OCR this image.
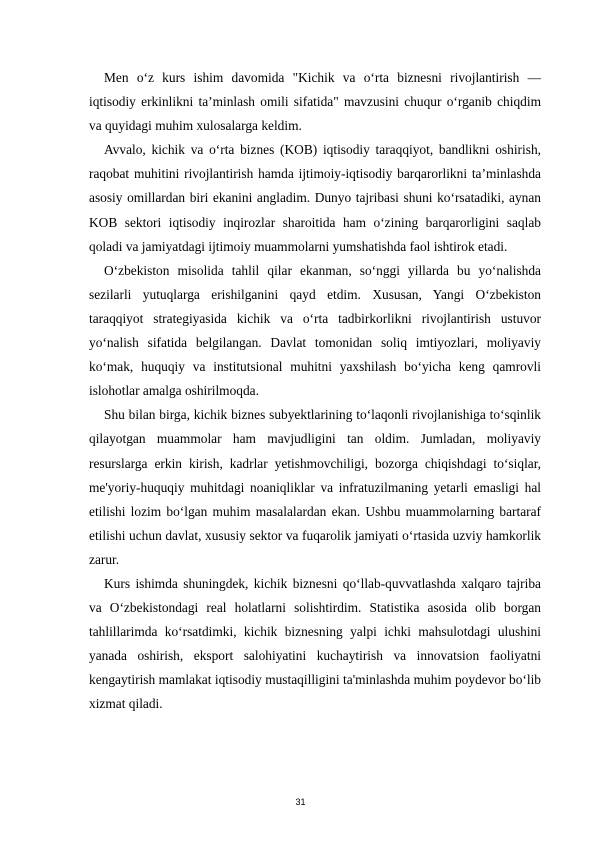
Men o‘z kurs ishim davomida "Kichik va o‘rta biznesni rivojlantirish — iqtisodiy erkinlikni ta’minlash omili sifatida" mavzusini chuqur o‘rganib chiqdim va quyidagi muhim xulosalarga keldim.

Avvalo, kichik va o‘rta biznes (KOB) iqtisodiy taraqqiyot, bandlikni oshirish, raqobat muhitini rivojlantirish hamda ijtimoiy-iqtisodiy barqarorlikni ta’minlashda asosiy omillardan biri ekanini angladim. Dunyo tajribasi shuni ko‘rsatadiki, aynan KOB sektori iqtisodiy inqirozlar sharoitida ham o‘zining barqarorligini saqlab qoladi va jamiyatdagi ijtimoiy muammolarni yumshatishda faol ishtirok etadi.

O‘zbekiston misolida tahlil qilar ekanman, so‘nggi yillarda bu yo‘nalishda sezilarli yutuqlarga erishilganini qayd etdim. Xususan, Yangi O‘zbekiston taraqqiyot strategiyasida kichik va o‘rta tadbirkorlikni rivojlantirish ustuvor yo‘nalish sifatida belgilangan. Davlat tomonidan soliq imtiyozlari, moliyaviy ko‘mak, huquqiy va institutsional muhitni yaxshilash bo‘yicha keng qamrovli islohotlar amalga oshirilmoqda.

Shu bilan birga, kichik biznes subyektlarining to‘laqonli rivojlanishiga to‘sqinlik qilayotgan muammolar ham mavjudligini tan oldim. Jumladan, moliyaviy resurslarga erkin kirish, kadrlar yetishmovchiligi, bozorga chiqishdagi to‘siqlar, me'yoriy-huquqiy muhitdagi noaniqliklar va infratuzilmaning yetarli emasligi hal etilishi lozim bo‘lgan muhim masalalardan ekan. Ushbu muammolarning bartaraf etilishi uchun davlat, xususiy sektor va fuqarolik jamiyati o‘rtasida uzviy hamkorlik zarur.

Kurs ishimda shuningdek, kichik biznesni qo‘llab-quvvatlashda xalqaro tajriba va O‘zbekistondagi real holatlarni solishtirdim. Statistika asosida olib borgan tahlillarimda ko‘rsatdimki, kichik biznesning yalpi ichki mahsulotdagi ulushini yanada oshirish, eksport salohiyatini kuchaytirish va innovatsion faoliyatni kengaytirish mamlakat iqtisodiy mustaqilligini ta'minlashda muhim poydevor bo‘lib xizmat qiladi.

31
